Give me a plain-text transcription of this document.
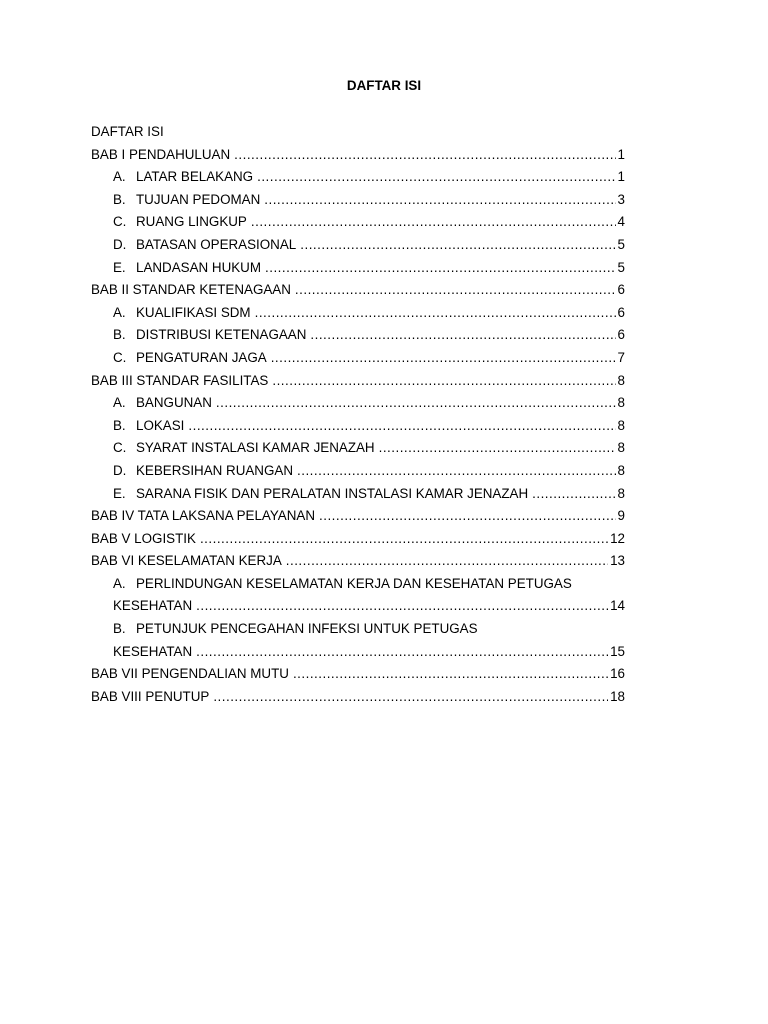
DAFTAR ISI
DAFTAR ISI
BAB I PENDAHULUAN .....	1
A. LATAR BELAKANG .....	1
B. TUJUAN PEDOMAN .....	3
C. RUANG LINGKUP .....	4
D. BATASAN OPERASIONAL .....	5
E. LANDASAN HUKUM .....	5
BAB II STANDAR KETENAGAAN .....	6
A. KUALIFIKASI SDM .....	6
B. DISTRIBUSI KETENAGAAN .....	6
C. PENGATURAN JAGA .....	7
BAB III STANDAR FASILITAS .....	8
A. BANGUNAN .....	8
B. LOKASI .....	8
C. SYARAT INSTALASI KAMAR JENAZAH .....	8
D. KEBERSIHAN RUANGAN .....	8
E. SARANA FISIK DAN PERALATAN INSTALASI KAMAR JENAZAH .....	8
BAB IV TATA LAKSANA PELAYANAN .....	9
BAB V LOGISTIK .....	12
BAB VI KESELAMATAN KERJA .....	13
A. PERLINDUNGAN KESELAMATAN KERJA DAN KESEHATAN PETUGAS
KESEHATAN .....	14
B. PETUNJUK PENCEGAHAN INFEKSI UNTUK PETUGAS
KESEHATAN .....	15
BAB VII PENGENDALIAN MUTU .....	16
BAB VIII PENUTUP .....	18
